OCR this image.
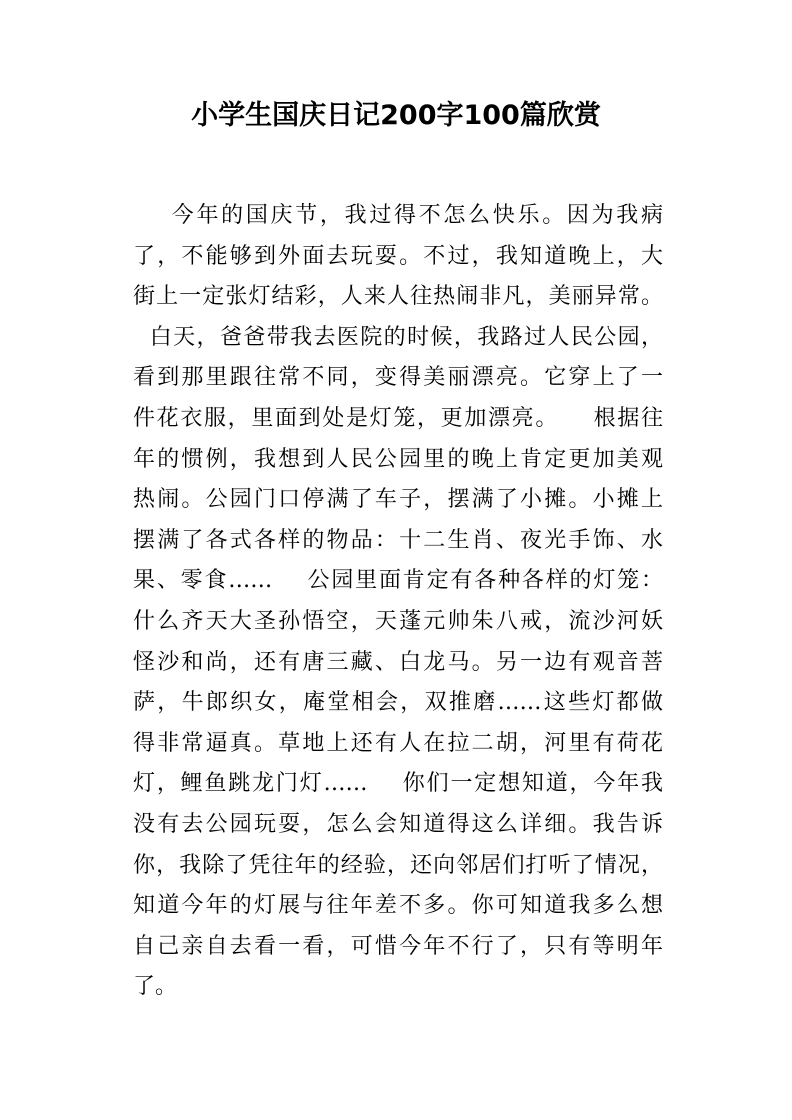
小学生国庆日记200字100篇欣赏
今年的国庆节，我过得不怎么快乐。因为我病
了，不能够到外面去玩耍。不过，我知道晚上，大
街上一定张灯结彩，人来人往热闹非凡，美丽异常。
白天，爸爸带我去医院的时候，我路过人民公园，
看到那里跟往常不同，变得美丽漂亮。它穿上了一
件花衣服，里面到处是灯笼，更加漂亮。    根据往
年的惯例，我想到人民公园里的晚上肯定更加美观
热闹。公园门口停满了车子，摆满了小摊。小摊上
摆满了各式各样的物品：十二生肖、夜光手饰、水
果、零食……    公园里面肯定有各种各样的灯笼：
什么齐天大圣孙悟空，天蓬元帅朱八戒，流沙河妖
怪沙和尚，还有唐三藏、白龙马。另一边有观音菩
萨，牛郎织女，庵堂相会，双推磨……这些灯都做
得非常逼真。草地上还有人在拉二胡，河里有荷花
灯，鲤鱼跳龙门灯……    你们一定想知道，今年我
没有去公园玩耍，怎么会知道得这么详细。我告诉
你，我除了凭往年的经验，还向邻居们打听了情况，
知道今年的灯展与往年差不多。你可知道我多么想
自己亲自去看一看，可惜今年不行了，只有等明年
了。
